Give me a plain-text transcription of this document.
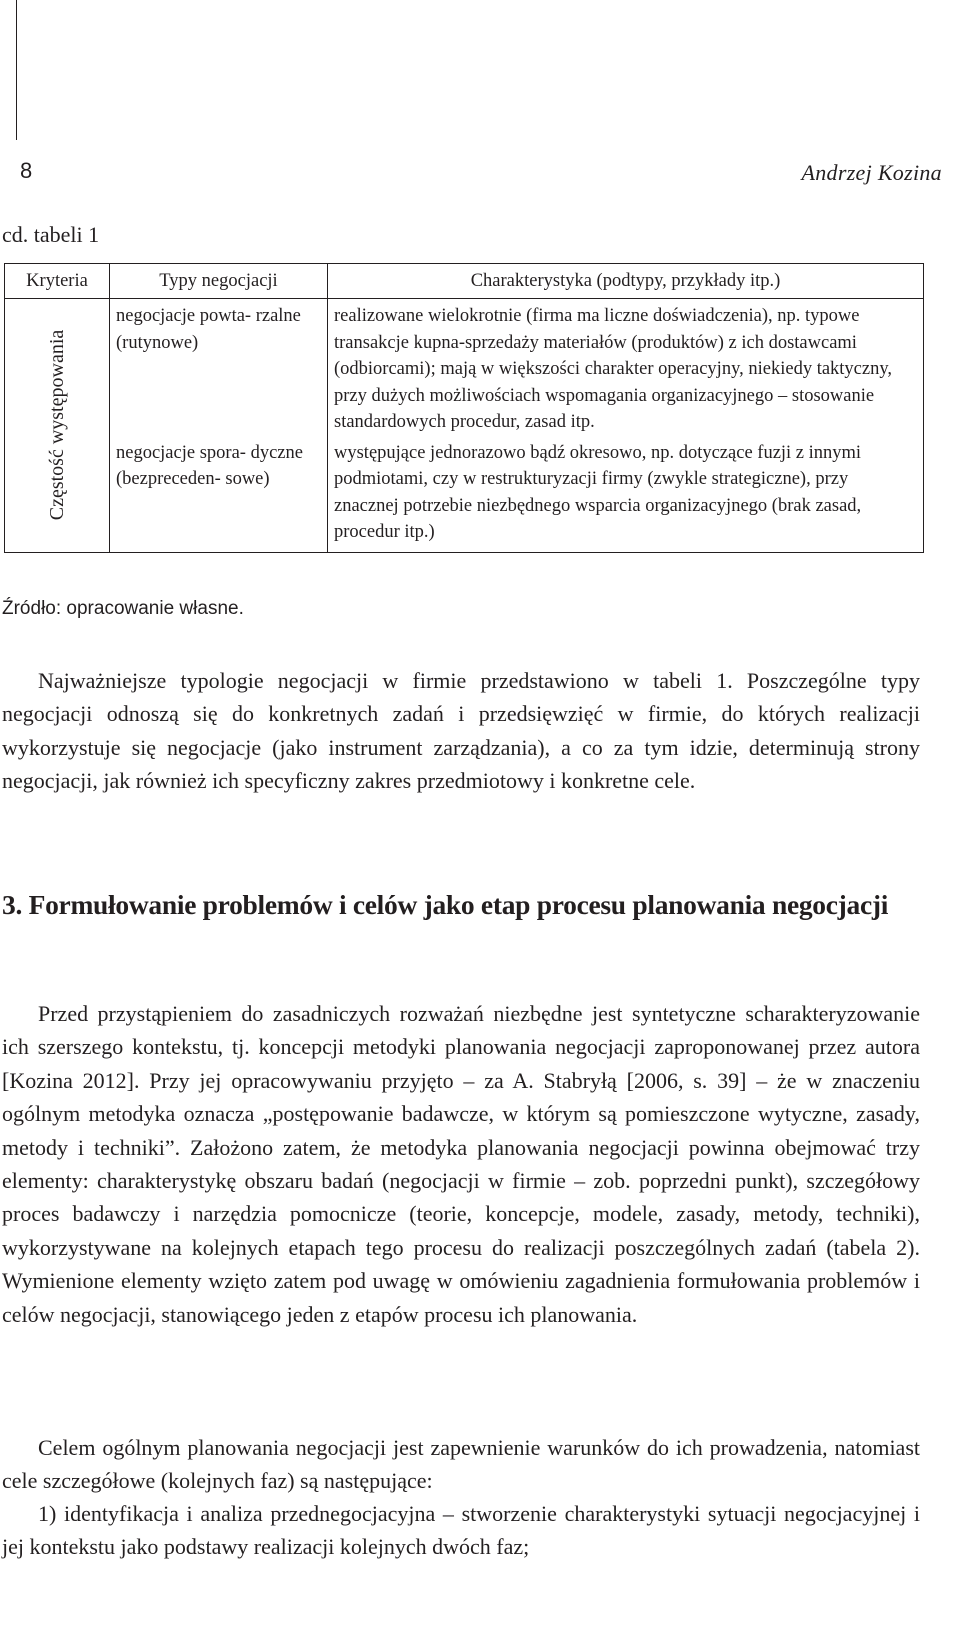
8	Andrzej Kozina
cd. tabeli 1
Kryteria	Typy negocjacji	Charakterystyka (podtypy, przykłady itp.)

Częstość występowania	negocjacje powta- rzalne (rutynowe)	realizowane wielokrotnie (firma ma liczne doświadczenia), np. typowe transakcje kupna-sprzedaży materiałów (produktów) z ich dostawcami (odbiorcami); mają w większości charakter operacyjny, niekiedy taktyczny, przy dużych możliwościach wspomagania organizacyjnego – stosowanie standardowych procedur, zasad itp.
	negocjacje spora- dyczne (bezpreceden- sowe)	występujące jednorazowo bądź okresowo, np. dotyczące fuzji z innymi podmiotami, czy w restrukturyzacji firmy (zwykle strategiczne), przy znacznej potrzebie niezbędnego wsparcia organizacyjnego (brak zasad, procedur itp.)
Źródło: opracowanie własne.

Najważniejsze typologie negocjacji w firmie przedstawiono w tabeli 1. Poszczególne typy negocjacji odnoszą się do konkretnych zadań i przedsięwzięć w firmie, do których realizacji wykorzystuje się negocjacje (jako instrument zarządzania), a co za tym idzie, determinują strony negocjacji, jak również ich specyficzny zakres przedmiotowy i konkretne cele.

3. Formułowanie problemów i celów jako etap procesu planowania negocjacji

Przed przystąpieniem do zasadniczych rozważań niezbędne jest syntetyczne scharakteryzowanie ich szerszego kontekstu, tj. koncepcji metodyki planowania negocjacji zaproponowanej przez autora [Kozina 2012]. Przy jej opracowywaniu przyjęto – za A. Stabryłą [2006, s. 39] – że w znaczeniu ogólnym metodyka oznacza „postępowanie badawcze, w którym są pomieszczone wytyczne, zasady, metody i techniki”. Założono zatem, że metodyka planowania negocjacji powinna obejmować trzy elementy: charakterystykę obszaru badań (negocjacji w firmie – zob. poprzedni punkt), szczegółowy proces badawczy i narzędzia pomocnicze (teorie, koncepcje, modele, zasady, metody, techniki), wykorzystywane na kolejnych etapach tego procesu do realizacji poszczególnych zadań (tabela 2). Wymienione elementy wzięto zatem pod uwagę w omówieniu zagadnienia formułowania problemów i celów negocjacji, stanowiącego jeden z etapów procesu ich planowania.

Celem ogólnym planowania negocjacji jest zapewnienie warunków do ich prowadzenia, natomiast cele szczegółowe (kolejnych faz) są następujące:

1) identyfikacja i analiza przednegocjacyjna – stworzenie charakterystyki sytuacji negocjacyjnej i jej kontekstu jako podstawy realizacji kolejnych dwóch faz;
